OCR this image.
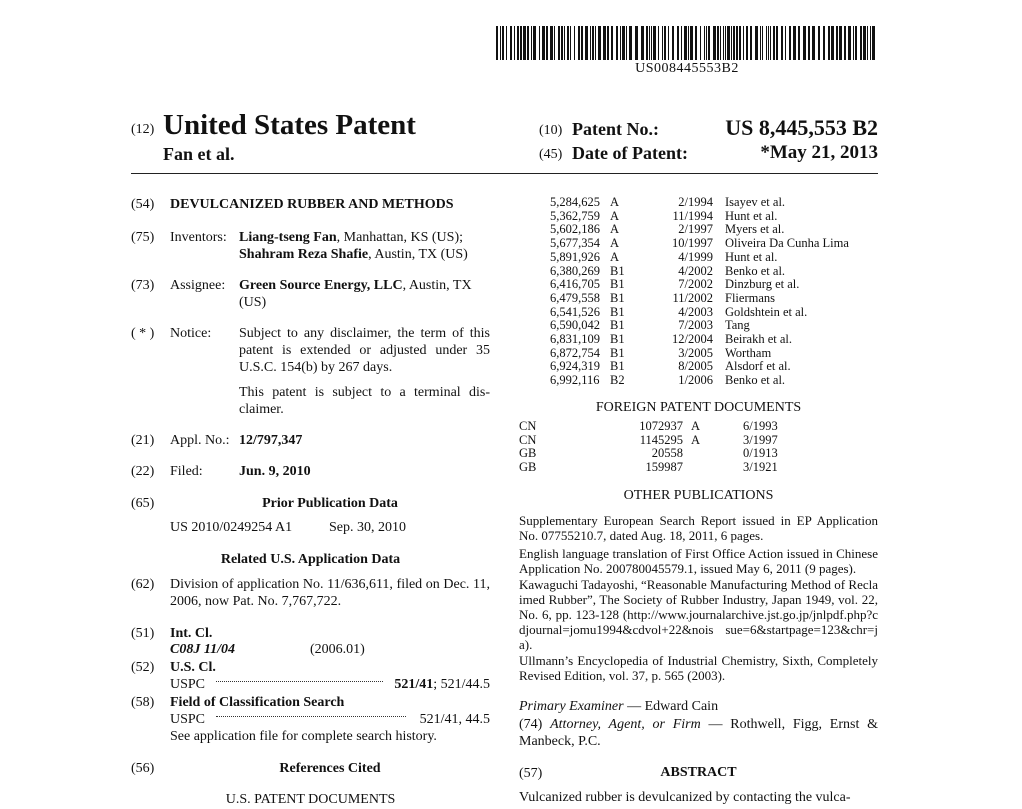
US008445553B2
(12) United States Patent
Fan et al.
(10) Patent No.:	US 8,445,553 B2
(45) Date of Patent:	*May 21, 2013
(54) DEVULCANIZED RUBBER AND METHODS
(75) Inventors: Liang-tseng Fan, Manhattan, KS (US);
Shahram Reza Shafie, Austin, TX (US)
(73) Assignee: Green Source Energy, LLC, Austin, TX
(US)
( * ) Notice: Subject to any disclaimer, the term of this patent is extended or adjusted under 35 U.S.C. 154(b) by 267 days.
This patent is subject to a terminal dis- claimer.
(21) Appl. No.: 12/797,347
(22) Filed:	Jun. 9, 2010
(65)	Prior Publication Data
US 2010/0249254 A1	Sep. 30, 2010
Related U.S. Application Data
(62) Division of application No. 11/636,611, filed on Dec. 11, 2006, now Pat. No. 7,767,722.
(51) Int. Cl.
C08J 11/04	(2006.01)
(52) U.S. Cl.
USPC	521/41; 521/44.5
(58) Field of Classification Search
USPC	521/41, 44.5
See application file for complete search history.
(56)	References Cited
U.S. PATENT DOCUMENTS
5,284,625	A	2/1994	Isayev et al.
5,362,759	A	11/1994	Hunt et al.
5,602,186	A	2/1997	Myers et al.
5,677,354	A	10/1997	Oliveira Da Cunha Lima
5,891,926	A	4/1999	Hunt et al.
6,380,269	B1	4/2002	Benko et al.
6,416,705	B1	7/2002	Dinzburg et al.
6,479,558	B1	11/2002	Fliermans
6,541,526	B1	4/2003	Goldshtein et al.
6,590,042	B1	7/2003	Tang
6,831,109	B1	12/2004	Beirakh et al.
6,872,754	B1	3/2005	Wortham
6,924,319	B1	8/2005	Alsdorf et al.
6,992,116	B2	1/2006	Benko et al.
FOREIGN PATENT DOCUMENTS
CN	1072937	A	6/1993
CN	1145295	A	3/1997
GB	20558		0/1913
GB	159987		3/1921
OTHER PUBLICATIONS
Supplementary European Search Report issued in EP Application No. 07755210.7, dated Aug. 18, 2011, 6 pages.
English language translation of First Office Action issued in Chinese Application No. 200780045579.1, issued May 6, 2011 (9 pages).
Kawaguchi Tadayoshi, “Reasonable Manufacturing Method of Reclaimed Rubber”, The Society of Rubber Industry, Japan 1949, vol. 22, No. 6, pp. 123-128 (http://www.journalarchive.jst.go.jp/jnlpdf.php?cdjournal=jomu1994&cdvol+22&nois sue=6&startpage=123&chr=ja).
Ullmann’s Encyclopedia of Industrial Chemistry, Sixth, Completely Revised Edition, vol. 37, p. 565 (2003).
Primary Examiner — Edward Cain
(74) Attorney, Agent, or Firm — Rothwell, Figg, Ernst & Manbeck, P.C.
(57)	ABSTRACT
Vulcanized rubber is devulcanized by contacting the vulca-
